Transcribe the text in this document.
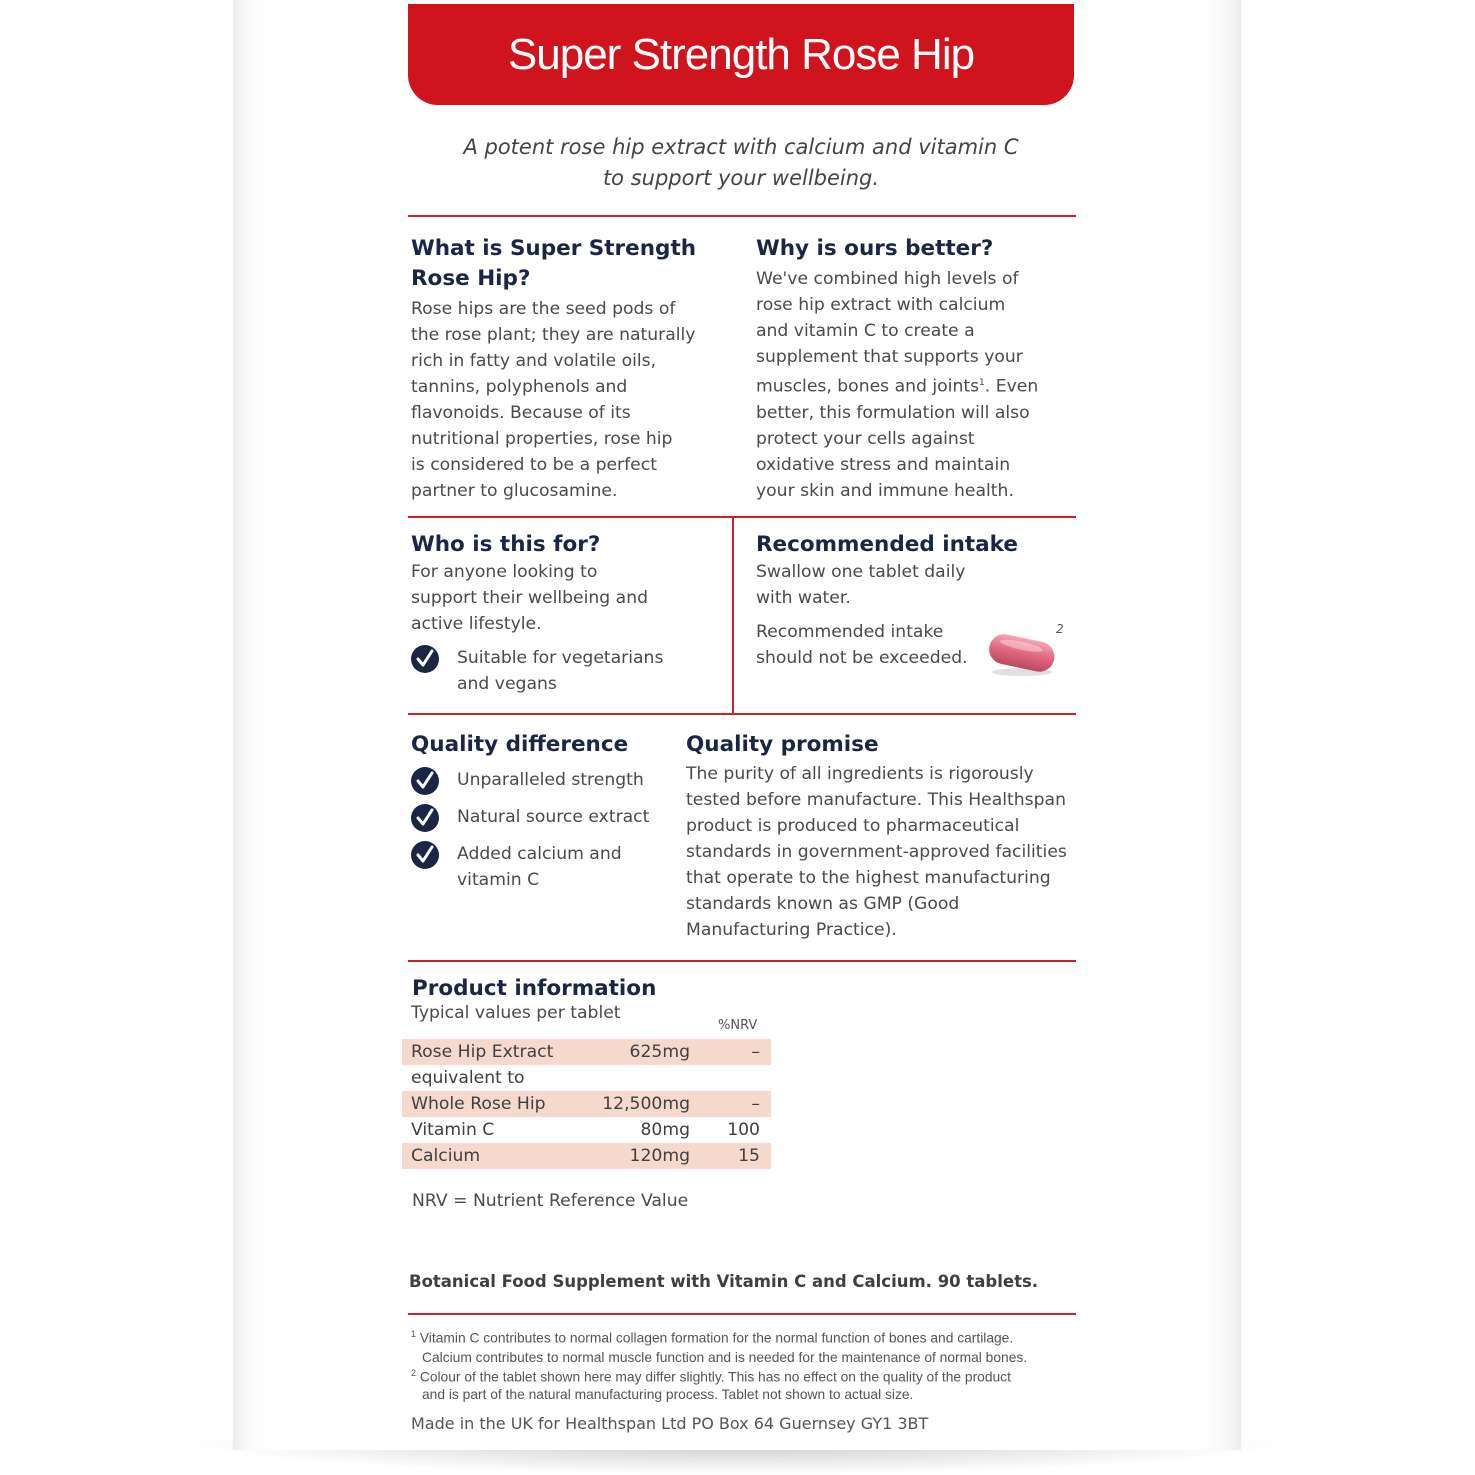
Super Strength Rose Hip
A potent rose hip extract with calcium and vitamin C
to support your wellbeing.
What is Super Strength
Rose Hip?
Rose hips are the seed pods of
the rose plant; they are naturally
rich in fatty and volatile oils,
tannins, polyphenols and
flavonoids. Because of its
nutritional properties, rose hip
is considered to be a perfect
partner to glucosamine.
Why is ours better?
We've combined high levels of
rose hip extract with calcium
and vitamin C to create a
supplement that supports your
muscles, bones and joints$^1$. Even
better, this formulation will also
protect your cells against
oxidative stress and maintain
your skin and immune health.
Who is this for?
For anyone looking to
support their wellbeing and
active lifestyle.
Suitable for vegetarians
and vegans
Recommended intake
Swallow one tablet daily
with water.
Recommended intake
should not be exceeded.
2
Quality difference
Unparalleled strength
Natural source extract
Added calcium and
vitamin C
Quality promise
The purity of all ingredients is rigorously
tested before manufacture. This Healthspan
product is produced to pharmaceutical
standards in government-approved facilities
that operate to the highest manufacturing
standards known as GMP (Good
Manufacturing Practice).
Product information
Typical values per tablet
%NRV
Rose Hip Extract	625mg	–
equivalent to
Whole Rose Hip	12,500mg	–
Vitamin C	80mg 100
Calcium	120mg	15
NRV = Nutrient Reference Value
Botanical Food Supplement with Vitamin C and Calcium. 90 tablets.
$^1$ Vitamin C contributes to normal collagen formation for the normal function of bones and cartilage.
Calcium contributes to normal muscle function and is needed for the maintenance of normal bones.
$^2$ Colour of the tablet shown here may differ slightly. This has no effect on the quality of the product
and is part of the natural manufacturing process. Tablet not shown to actual size.
Made in the UK for Healthspan Ltd PO Box 64 Guernsey GY1 3BT
